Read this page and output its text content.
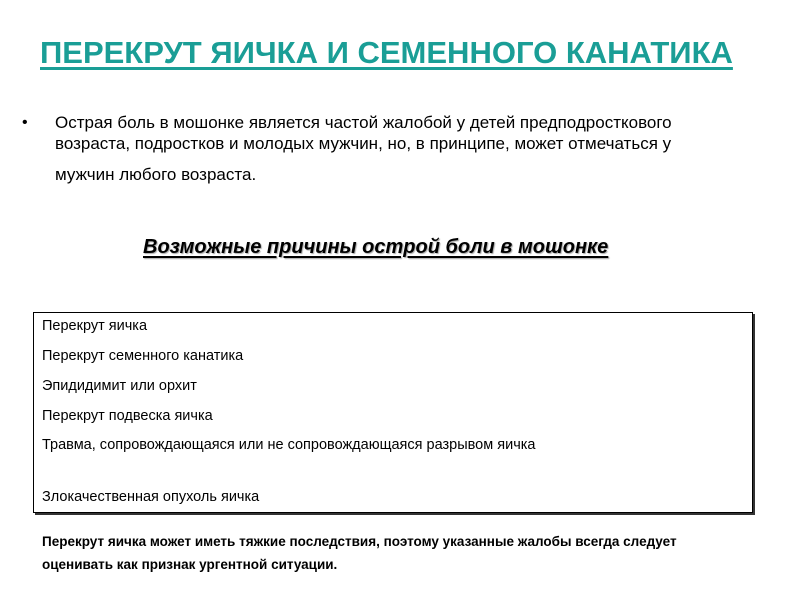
ПЕРЕКРУТ ЯИЧКА И СЕМЕННОГО КАНАТИКА
• Острая боль в мошонке является частой жалобой у детей предподросткового
возраста, подростков и молодых мужчин, но, в принципе, может отмечаться у
мужчин любого возраста.
Возможные причины острой боли в мошонке
Перекрут яичка
Перекрут семенного канатика
Эпидидимит или орхит
Перекрут подвеска яичка
Травма, сопровождающаяся или не сопровождающаяся разрывом яичка
Злокачественная опухоль яичка
Перекрут яичка может иметь тяжкие последствия, поэтому указанные жалобы всегда следует
оценивать как признак ургентной ситуации.
